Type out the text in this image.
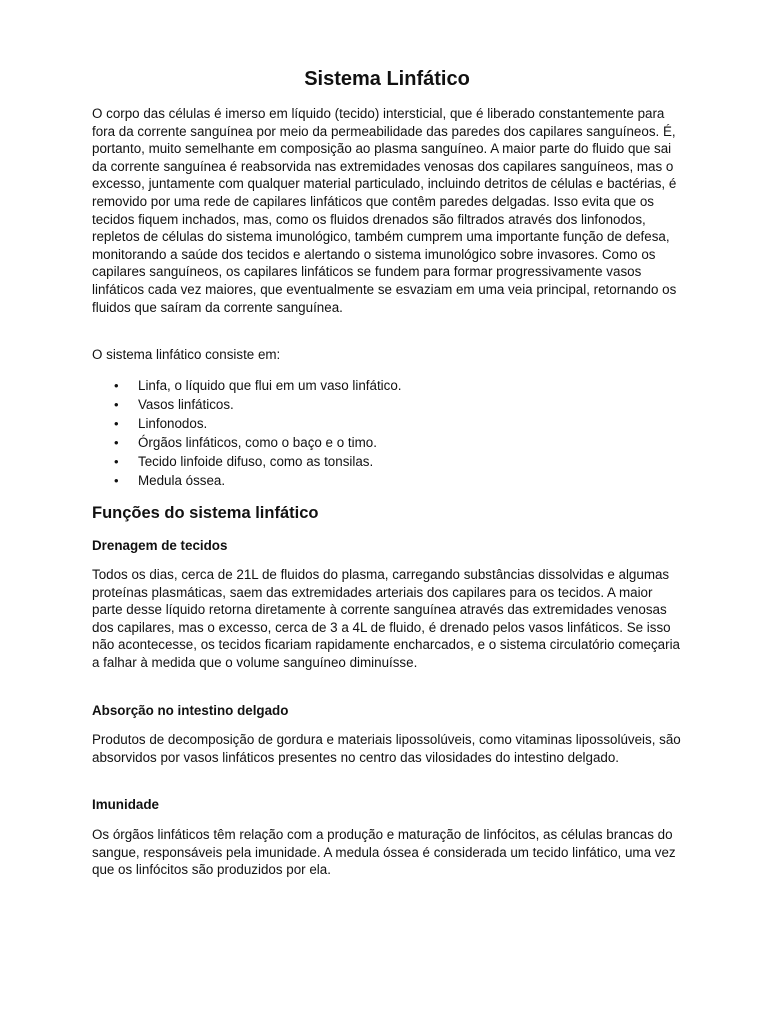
Sistema Linfático

O corpo das células é imerso em líquido (tecido) intersticial, que é liberado constantemente para fora da corrente sanguínea por meio da permeabilidade das paredes dos capilares sanguíneos. É, portanto, muito semelhante em composição ao plasma sanguíneo. A maior parte do fluido que sai da corrente sanguínea é reabsorvida nas extremidades venosas dos capilares sanguíneos, mas o excesso, juntamente com qualquer material particulado, incluindo detritos de células e bactérias, é removido por uma rede de capilares linfáticos que contêm paredes delgadas. Isso evita que os tecidos fiquem inchados, mas, como os fluidos drenados são filtrados através dos linfonodos, repletos de células do sistema imunológico, também cumprem uma importante função de defesa, monitorando a saúde dos tecidos e alertando o sistema imunológico sobre invasores. Como os capilares sanguíneos, os capilares linfáticos se fundem para formar progressivamente vasos linfáticos cada vez maiores, que eventualmente se esvaziam em uma veia principal, retornando os fluidos que saíram da corrente sanguínea.

O sistema linfático consiste em:

• Linfa, o líquido que flui em um vaso linfático.
• Vasos linfáticos.
• Linfonodos.
• Órgãos linfáticos, como o baço e o timo.
• Tecido linfoide difuso, como as tonsilas.
• Medula óssea.
Funções do sistema linfático
Drenagem de tecidos

Todos os dias, cerca de 21L de fluidos do plasma, carregando substâncias dissolvidas e algumas proteínas plasmáticas, saem das extremidades arteriais dos capilares para os tecidos. A maior parte desse líquido retorna diretamente à corrente sanguínea através das extremidades venosas dos capilares, mas o excesso, cerca de 3 a 4L de fluido, é drenado pelos vasos linfáticos. Se isso não acontecesse, os tecidos ficariam rapidamente encharcados, e o sistema circulatório começaria a falhar à medida que o volume sanguíneo diminuísse.

Absorção no intestino delgado

Produtos de decomposição de gordura e materiais lipossolúveis, como vitaminas lipossolúveis, são absorvidos por vasos linfáticos presentes no centro das vilosidades do intestino delgado.

Imunidade

Os órgãos linfáticos têm relação com a produção e maturação de linfócitos, as células brancas do sangue, responsáveis pela imunidade. A medula óssea é considerada um tecido linfático, uma vez que os linfócitos são produzidos por ela.
